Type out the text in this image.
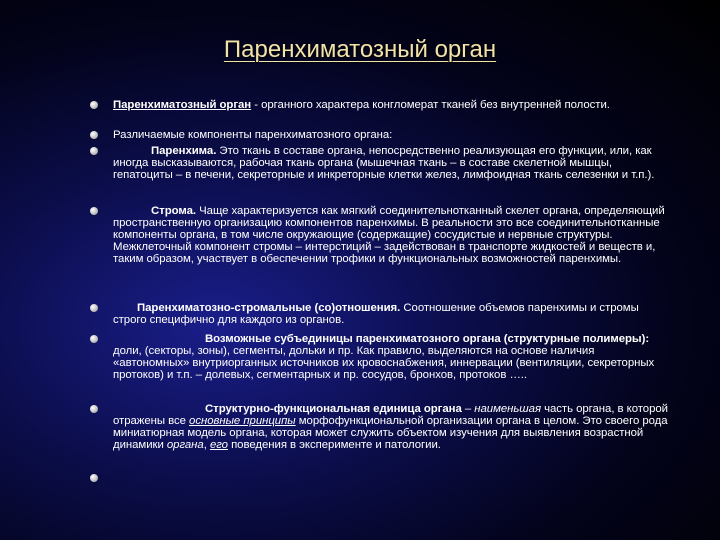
Паренхиматозный орган
Паренхиматозный орган - органного характера конгломерат тканей без внутренней полости.
Различаемые компоненты паренхиматозного органа:
Паренхима. Это ткань в составе органа, непосредственно реализующая его функции, или, как иногда высказываются, рабочая ткань органа (мышечная ткань – в составе скелетной мышцы, гепатоциты – в печени, секреторные и инкреторные клетки желез, лимфоидная ткань селезенки и т.п.).
Строма. Чаще характеризуется как мягкий соединительнотканный скелет органа, определяющий пространственную организацию компонентов паренхимы. В реальности это все соединительнотканные компоненты органа, в том числе окружающие (содержащие) сосудистые и нервные структуры. Межклеточный компонент стромы – интерстиций – задействован в транспорте жидкостей и веществ и, таким образом, участвует в обеспечении трофики и функциональных возможностей паренхимы.
Паренхиматозно-стромальные (со)отношения. Соотношение объемов паренхимы и стромы строго специфично для каждого из органов.
Возможные субъединицы паренхиматозного органа (структурные полимеры): доли, (секторы, зоны), сегменты, дольки и пр. Как правило, выделяются на основе наличия «автономных» внутриорганных источников их кровоснабжения, иннервации (вентиляции, секреторных протоков) и т.п. – долевых, сегментарных и пр. сосудов, бронхов, протоков …..
Структурно-функциональная единица органа – наименьшая часть органа, в которой отражены все основные принципы морфофункциональной организации органа в целом. Это своего рода миниатюрная модель органа, которая может служить объектом изучения для выявления возрастной динамики органа, его поведения в эксперименте и патологии.
